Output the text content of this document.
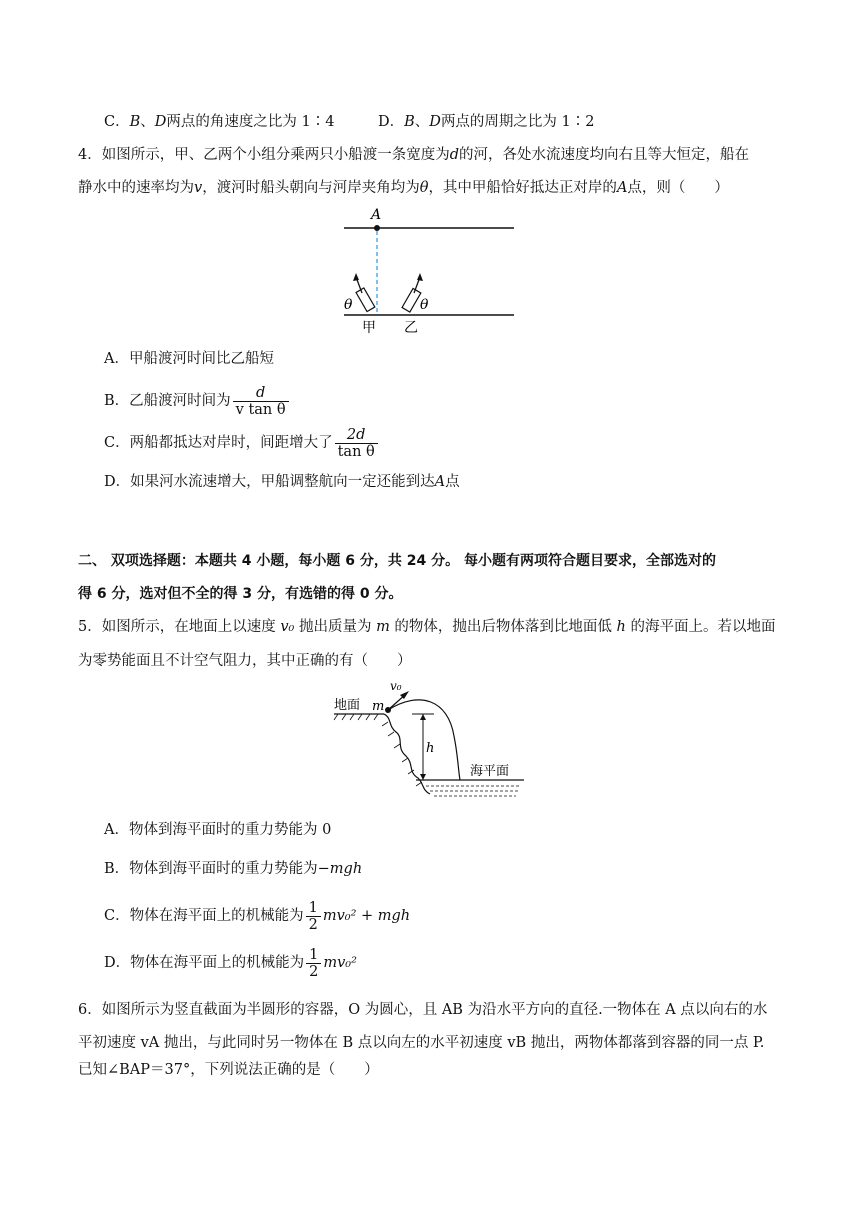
C．B、D两点的角速度之比为 1∶4	D．B、D两点的周期之比为 1∶2
4．如图所示，甲、乙两个小组分乘两只小船渡一条宽度为d的河，各处水流速度均向右且等大恒定，船在
静水中的速率均为v，渡河时船头朝向与河岸夹角均为θ，其中甲船恰好抵达正对岸的A点，则（　　）
A
θ	θ
甲 乙
A．甲船渡河时间比乙船短
B．乙船渡河时间为 $\frac{d}{\text{v tan θ}}$
C．两船都抵达对岸时，间距增大了 $\frac{2d}{\text{tan θ}}$
D．如果河水流速增大，甲船调整航向一定还能到达A点
二、 双项选择题：本题共 4 小题，每小题 6 分，共 24 分。 每小题有两项符合题目要求，全部选对的
得 6 分，选对但不全的得 3 分，有选错的得 0 分。
5．如图所示，在地面上以速度 v₀ 抛出质量为 m 的物体，抛出后物体落到比地面低 h 的海平面上。若以地面
为零势能面且不计空气阻力，其中正确的有（　　）
地面 m
v₀
h
海平面
A．物体到海平面时的重力势能为 0
B．物体到海平面时的重力势能为−mgh
C．物体在海平面上的机械能为 $\frac{1}{2} mv_0^2$ + mgh
D．物体在海平面上的机械能为 $\frac{1}{2} mv_0^2$
6．如图所示为竖直截面为半圆形的容器，O 为圆心，且 AB 为沿水平方向的直径.一物体在 A 点以向右的水
平初速度 vA 抛出，与此同时另一物体在 B 点以向左的水平初速度 vB 抛出，两物体都落到容器的同一点 P.
已知∠BAP＝37°，下列说法正确的是（　　）
